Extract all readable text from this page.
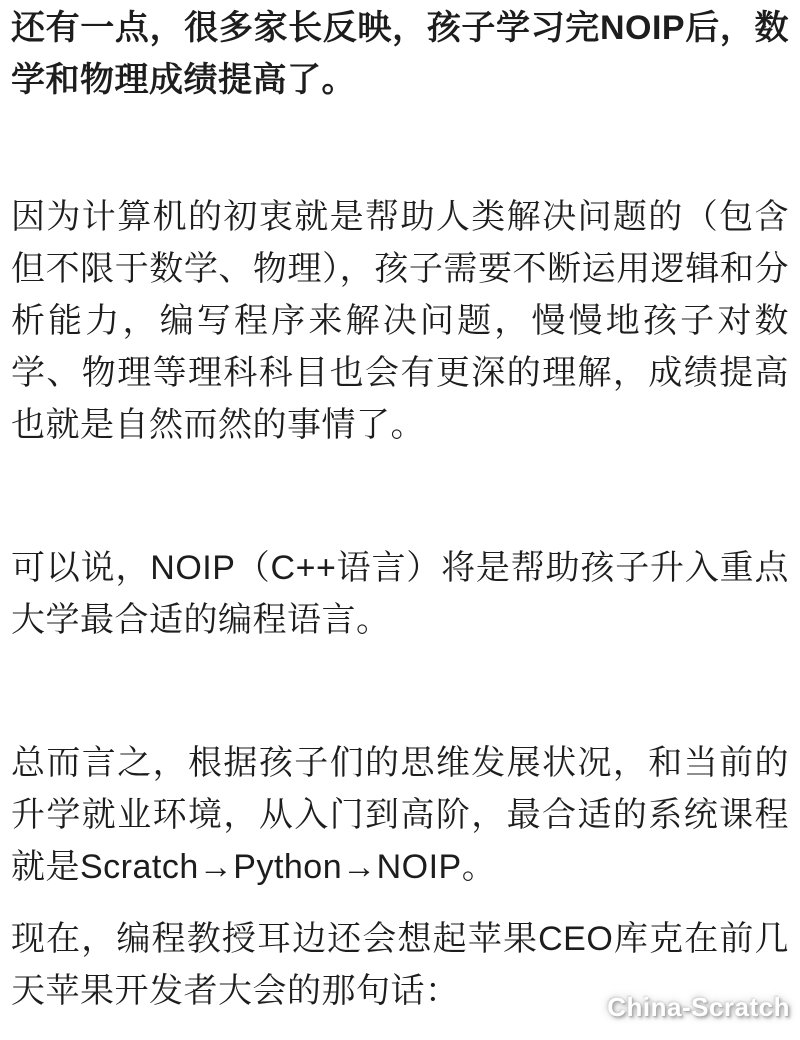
还有一点，很多家长反映，孩子学习完NOIP后，数学和物理成绩提高了。

因为计算机的初衷就是帮助人类解决问题的（包含但不限于数学、物理），孩子需要不断运用逻辑和分析能力，编写程序来解决问题，慢慢地孩子对数学、物理等理科科目也会有更深的理解，成绩提高也就是自然而然的事情了。

可以说，NOIP（C++语言）将是帮助孩子升入重点大学最合适的编程语言。

总而言之，根据孩子们的思维发展状况，和当前的升学就业环境，从入门到高阶，最合适的系统课程就是Scratch→Python→NOIP。

现在，编程教授耳边还会想起苹果CEO库克在前几天苹果开发者大会的那句话：	China-Scratch
